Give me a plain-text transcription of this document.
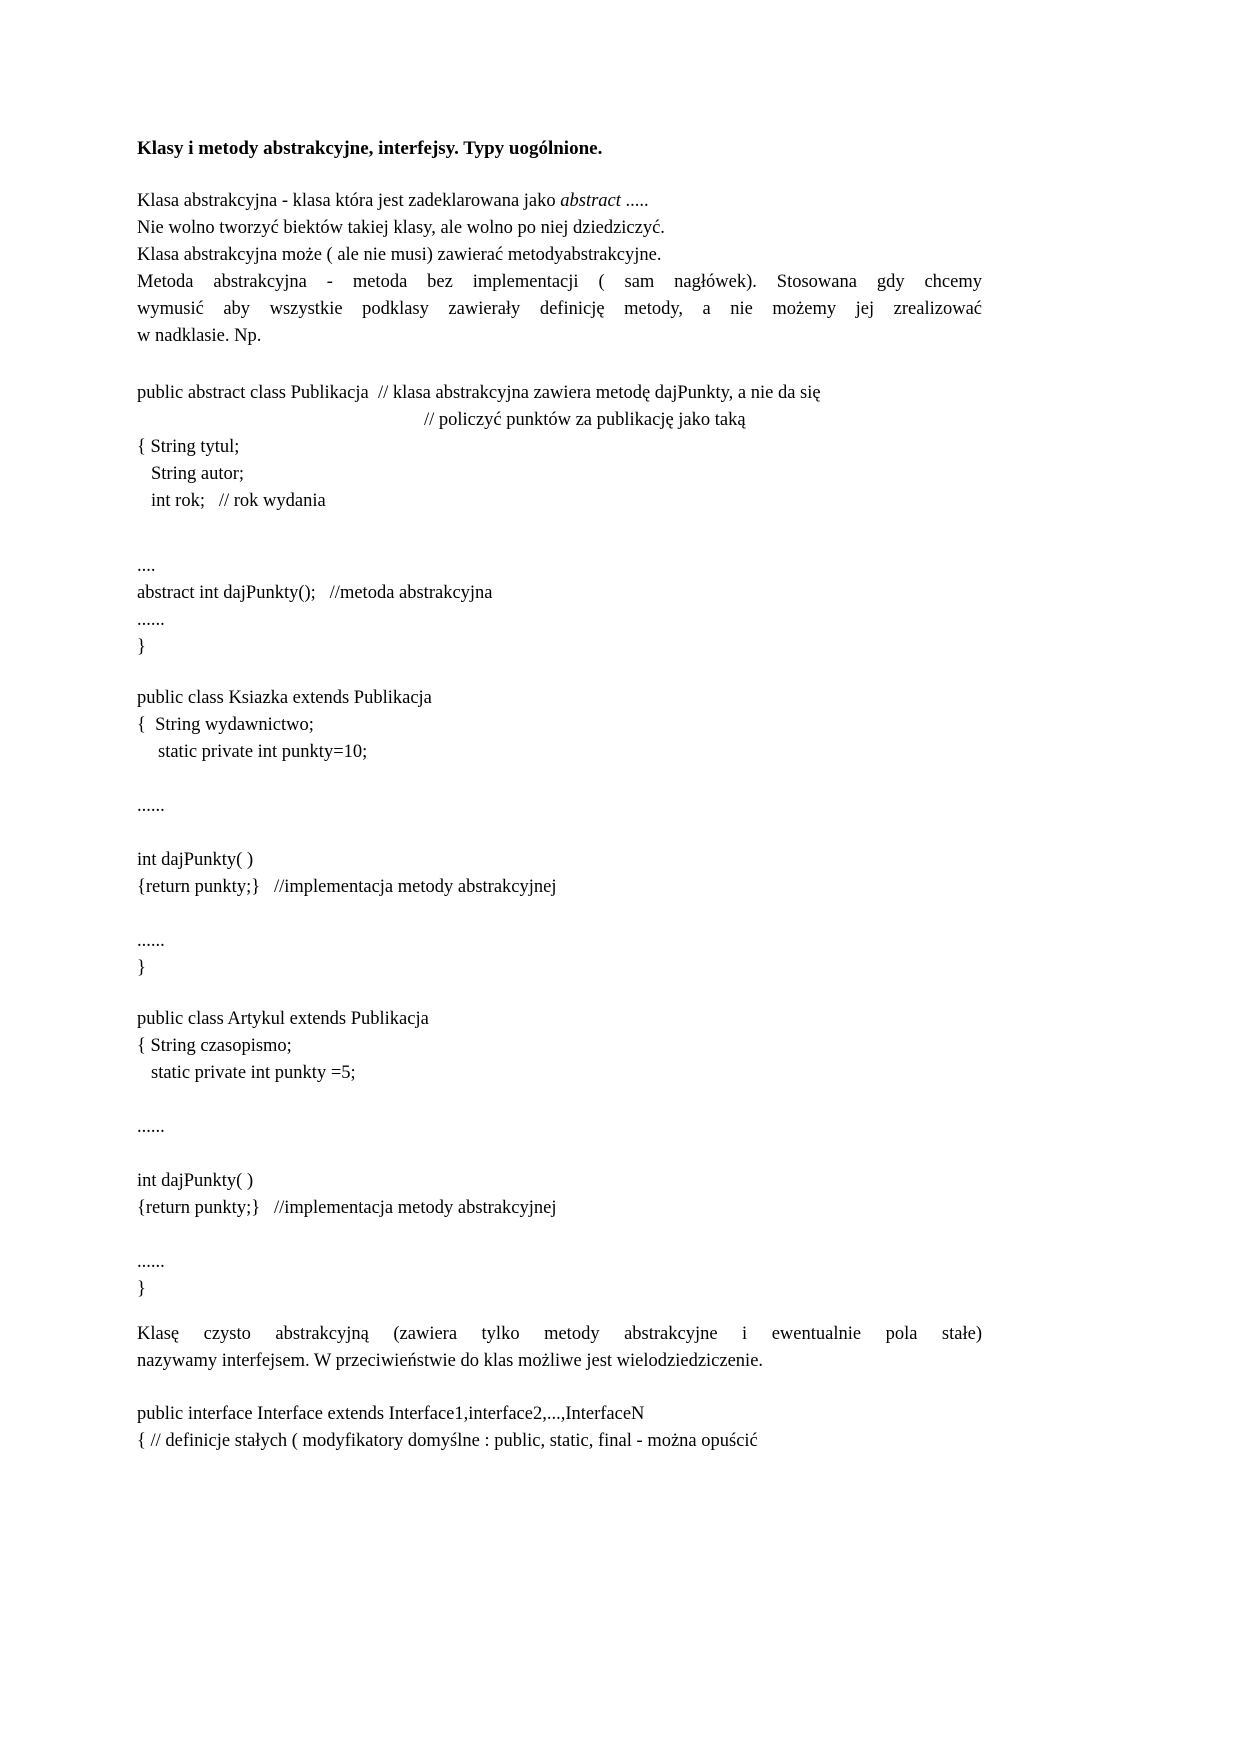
Klasy i metody abstrakcyjne, interfejsy. Typy uogólnione.
Klasa abstrakcyjna - klasa która jest zadeklarowana jako abstract .....
Nie wolno tworzyć biektów takiej klasy, ale wolno po niej dziedziczyć.
Klasa abstrakcyjna może ( ale nie musi) zawierać metodyabstrakcyjne.
Metoda abstrakcyjna - metoda bez implementacji ( sam nagłówek). Stosowana gdy chcemy
wymusić aby wszystkie podklasy zawierały definicję metody, a nie możemy jej zrealizować
w nadklasie. Np.
public abstract class Publikacja  // klasa abstrakcyjna zawiera metodę dajPunkty, a nie da się
// policzyć punktów za publikację jako taką
{ String tytul;
String autor;
int rok;   // rok wydania
....
abstract int dajPunkty();   //metoda abstrakcyjna
......
}
public class Ksiazka extends Publikacja
{  String wydawnictwo;
static private int punkty=10;
......
int dajPunkty( )
{return punkty;}   //implementacja metody abstrakcyjnej
......
}
public class Artykul extends Publikacja
{ String czasopismo;
static private int punkty =5;
......
int dajPunkty( )
{return punkty;}   //implementacja metody abstrakcyjnej
......
}
Klasę czysto abstrakcyjną (zawiera tylko metody abstrakcyjne i ewentualnie pola stałe)
nazywamy interfejsem. W przeciwieństwie do klas możliwe jest wielodziedziczenie.
public interface Interface extends Interface1,interface2,...,InterfaceN
{ // definicje stałych ( modyfikatory domyślne : public, static, final - można opuścić
